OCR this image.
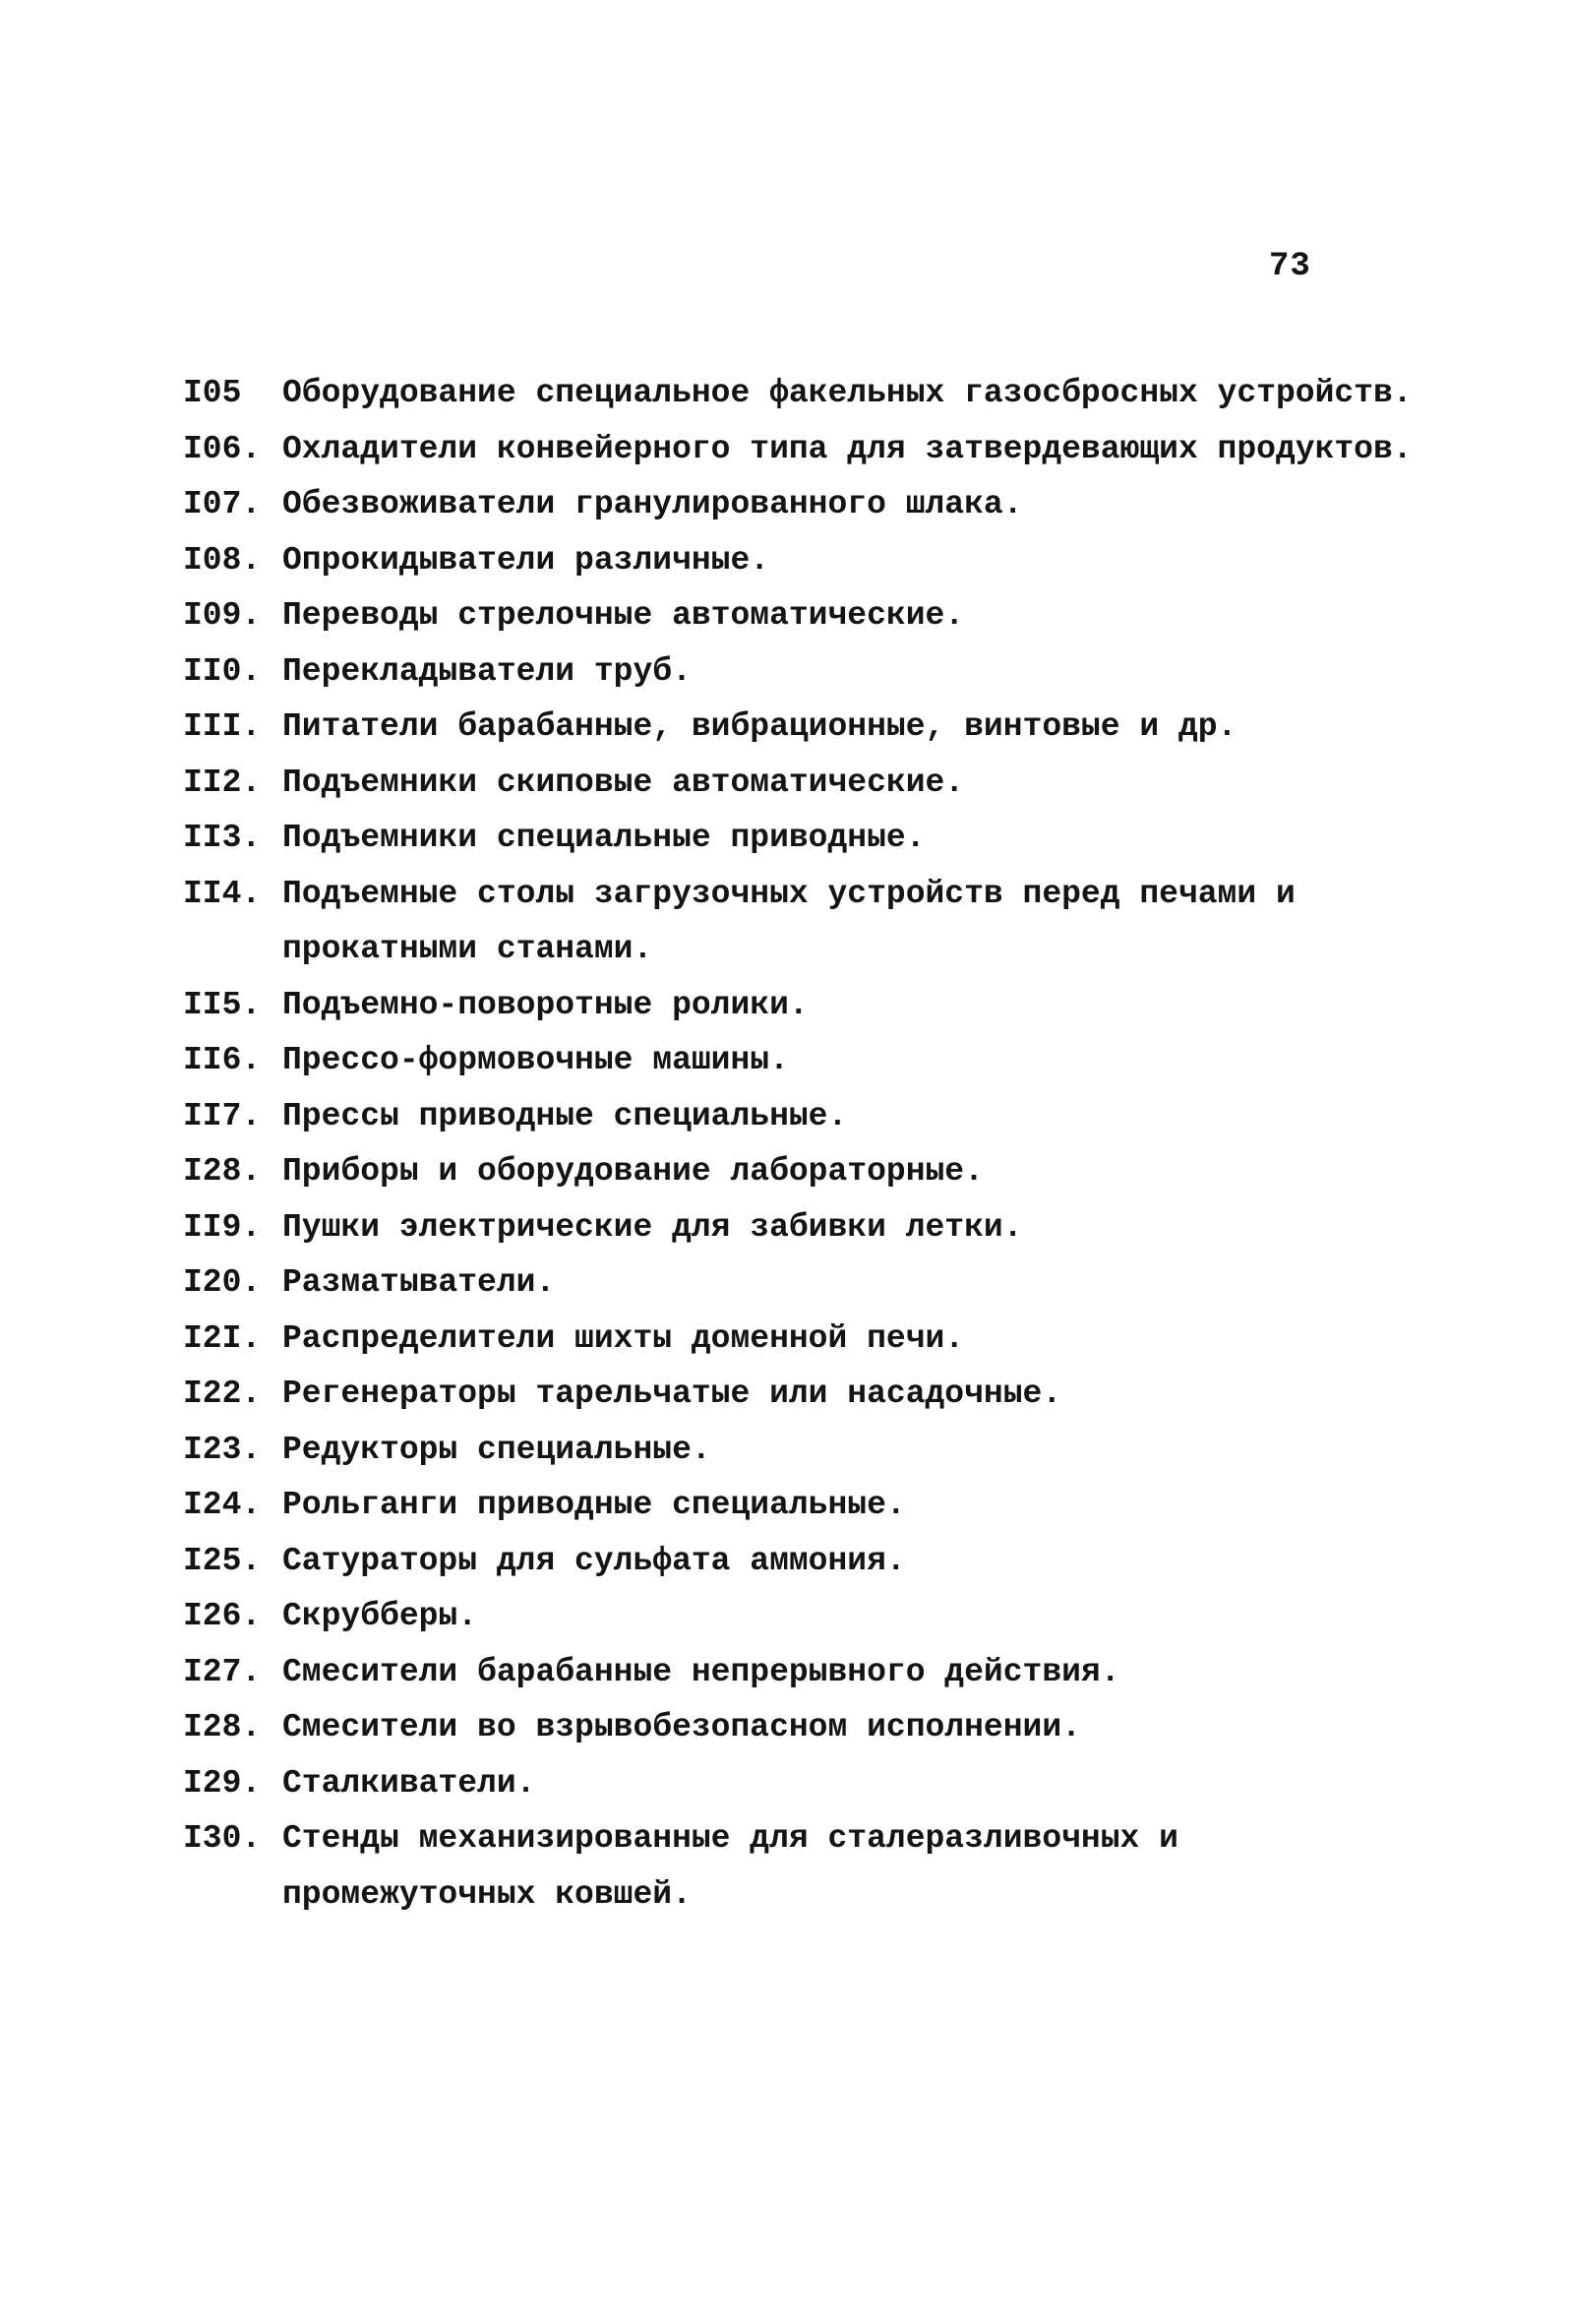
73
I05 Оборудование специальное факельных газосбросных устройств.
I06. Охладители конвейерного типа для затвердевающих продуктов.
I07. Обезвоживатели гранулированного шлака.
I08. Опрокидыватели различные.
I09. Переводы стрелочные автоматические.
II0. Перекладыватели труб.
III. Питатели барабанные, вибрационные, винтовые и др.
II2. Подъемники скиповые автоматические.
II3. Подъемники специальные приводные.
II4. Подъемные столы загрузочных устройств перед печами и
прокатными станами.
II5. Подъемно-поворотные ролики.
II6. Прессо-формовочные машины.
II7. Прессы приводные специальные.
I28. Приборы и оборудование лабораторные.
II9. Пушки электрические для забивки летки.
I20. Разматыватели.
I2I. Распределители шихты доменной печи.
I22. Регенераторы тарельчатые или насадочные.
I23. Редукторы специальные.
I24. Рольганги приводные специальные.
I25. Сатураторы для сульфата аммония.
I26. Скрубберы.
I27. Смесители барабанные непрерывного действия.
I28. Смесители во взрывобезопасном исполнении.
I29. Сталкиватели.
I30. Стенды механизированные для сталеразливочных и
промежуточных ковшей.
